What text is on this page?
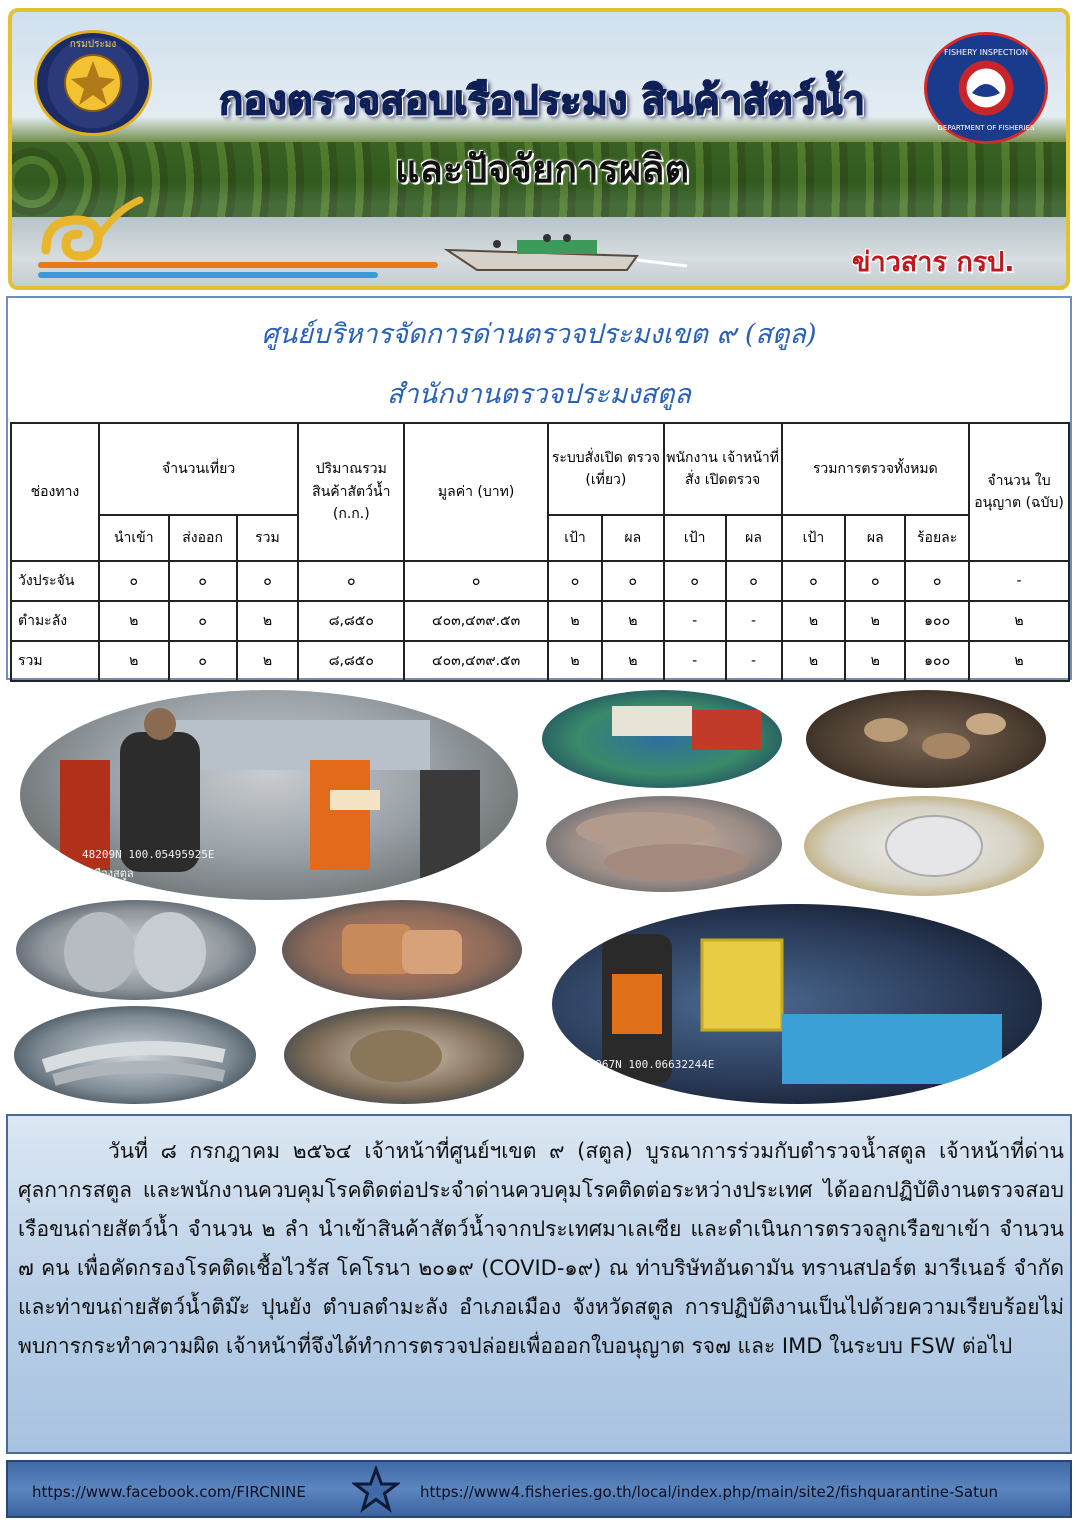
กรมประมง
FISHERY INSPECTION
DEPARTMENT OF FISHERIES
กองตรวจสอบเรือประมง สินค้าสัตว์น้ำ
และปัจจัยการผลิต
ข่าวสาร กรป.
ศูนย์บริหารจัดการด่านตรวจประมงเขต ๙ (สตูล)
สำนักงานตรวจประมงสตูล
ช่องทาง	จำนวนเที่ยว			ปริมาณรวม สินค้าสัตว์น้ำ (ก.ก.)	มูลค่า (บาท)	ระบบสั่งเปิด ตรวจ (เที่ยว)		พนักงาน เจ้าหน้าที่สั่ง เปิดตรวจ		รวมการตรวจทั้งหมด			จำนวน ใบอนุญาต (ฉบับ)
	นำเข้า	ส่งออก	รวม			เป้า	ผล	เป้า	ผล	เป้า	ผล	ร้อยละ	
วังประจัน	๐	๐	๐	๐	๐	๐	๐	๐	๐	๐	๐	๐	-
ตำมะลัง	๒	๐	๒	๘,๘๕๐	๔๐๓,๔๓๙.๕๓	๒	๒	-	-	๒	๒	๑๐๐	๒
รวม	๒	๐	๒	๘,๘๕๐	๔๐๓,๔๓๙.๕๓	๒	๒	-	-	๒	๒	๑๐๐	๒
48209N 100.05495925E
เมืองสตูล
29967N 100.06632244E
องสตูล

วันที่ ๘ กรกฎาคม ๒๕๖๔ เจ้าหน้าที่ศูนย์ฯเขต ๙ (สตูล) บูรณาการร่วมกับตำรวจน้ำสตูล เจ้าหน้าที่ด่านศุลกากรสตูล และพนักงานควบคุมโรคติดต่อประจำด่านควบคุมโรคติดต่อระหว่างประเทศ ได้ออกปฏิบัติงานตรวจสอบเรือขนถ่ายสัตว์น้ำ จำนวน ๒ ลำ นำเข้าสินค้าสัตว์น้ำจากประเทศมาเลเซีย และดำเนินการตรวจลูกเรือขาเข้า จำนวน ๗ คน เพื่อคัดกรองโรคติดเชื้อไวรัส โคโรนา ๒๐๑๙ (COVID-๑๙) ณ ท่าบริษัทอันดามัน ทรานสปอร์ต มารีเนอร์ จำกัด และท่าขนถ่ายสัตว์น้ำติม๊ะ ปุนยัง ตำบลตำมะลัง อำเภอเมือง จังหวัดสตูล การปฏิบัติงานเป็นไปด้วยความเรียบร้อยไม่พบการกระทำความผิด เจ้าหน้าที่จึงได้ทำการตรวจปล่อยเพื่อออกใบอนุญาต รจ๗ และ IMD ในระบบ FSW ต่อไป

https://www.facebook.com/FIRCNINE	https://www4.fisheries.go.th/local/index.php/main/site2/fishquarantine-Satun
